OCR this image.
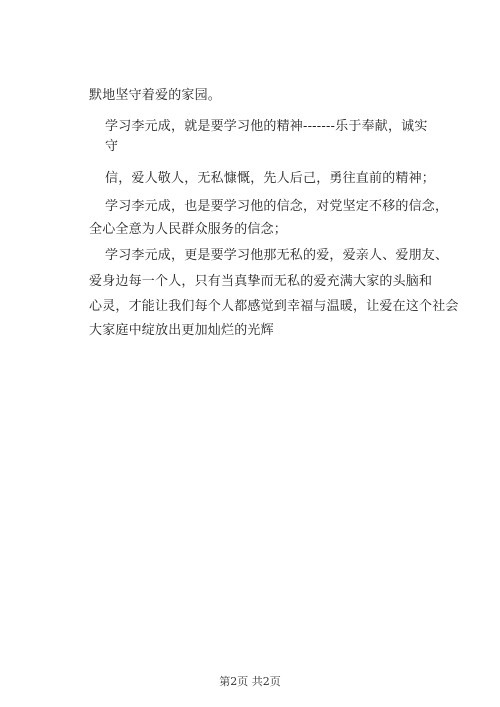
默地坚守着爱的家园。
学习李元成，就是要学习他的精神-------乐于奉献，诚实
守
信，爱人敬人，无私慷慨，先人后己，勇往直前的精神；
学习李元成，也是要学习他的信念，对党坚定不移的信念，
全心全意为人民群众服务的信念；
学习李元成，更是要学习他那无私的爱，爱亲人、爱朋友、
爱身边每一个人，只有当真挚而无私的爱充满大家的头脑和
心灵，才能让我们每个人都感觉到幸福与温暖，让爱在这个社会
大家庭中绽放出更加灿烂的光辉
第2页 共2页
